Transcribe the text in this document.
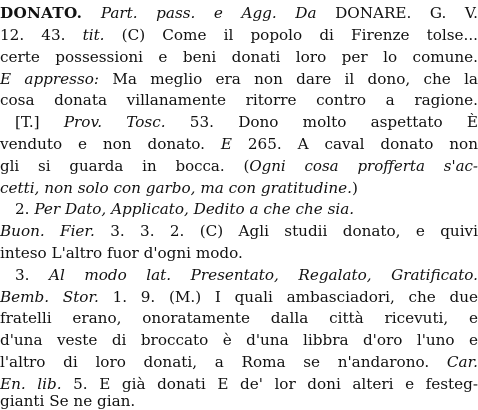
DONATO. Part. pass. e Agg. Da DONARE. G. V.
12. 43. tit. (C) Come il popolo di Firenze tolse...
certe possessioni e beni donati loro per lo comune.
E appresso: Ma meglio era non dare il dono, che la
cosa donata villanamente ritorre contro a ragione.
[T.] Prov. Tosc. 53. Dono molto aspettato È
venduto e non donato. E 265. A caval donato non
gli si guarda in bocca. (Ogni cosa profferta s'ac-
cetti, non solo con garbo, ma con gratitudine.)
2. Per Dato, Applicato, Dedito a che che sia.
Buon. Fier. 3. 3. 2. (C) Agli studii donato, e quivi
inteso L'altro fuor d'ogni modo.
3. Al modo lat. Presentato, Regalato, Gratificato.
Bemb. Stor. 1. 9. (M.) I quali ambasciadori, che due
fratelli erano, onoratamente dalla città ricevuti, e
d'una veste di broccato è d'una libbra d'oro l'uno e
l'altro di loro donati, a Roma se n'andarono. Car.
En. lib. 5. E già donati E de' lor doni alteri e festeg-
gianti Se ne gian.
